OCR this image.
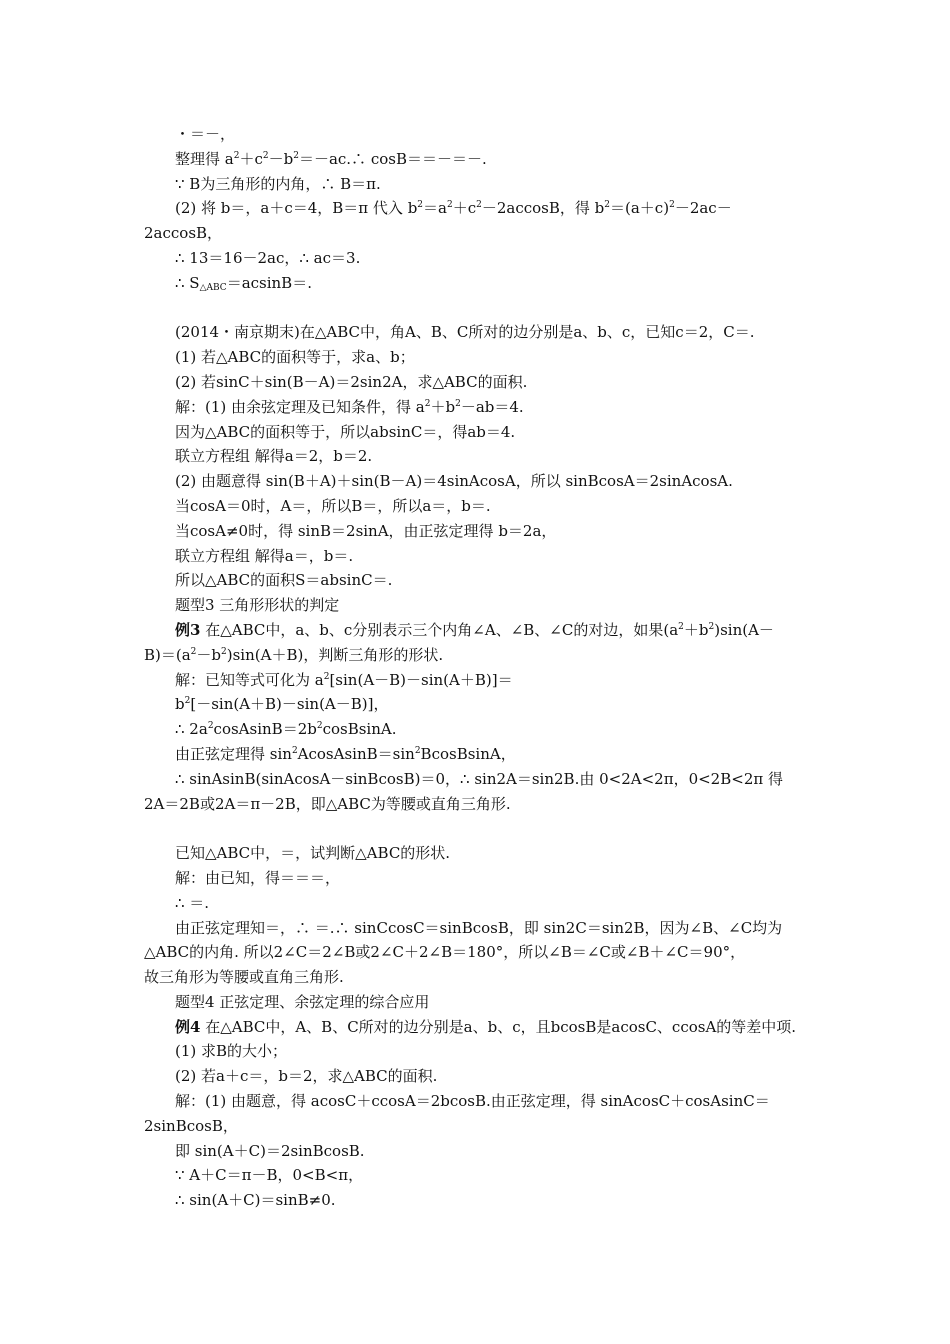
・＝－，
整理得 $a^2+c^2-b^2=-ac.\therefore$ cosB＝＝－＝－.
∵ B为三角形的内角，∴ B＝π.
(2) 将 b＝，a＋c＝4，B＝π 代入 $b^2=a^2+c^2-2accosB$，得 $b^2=(a+c)^2-2ac-$
2accosB，
∴ 13＝16－2ac，∴ ac＝3.
∴ $S_{\triangle ABC}=acsinB=$.
(2014・南京期末)在△ABC中，角A、B、C所对的边分别是a、b、c，已知c＝2，C＝.
(1) 若△ABC的面积等于，求a、b；
(2) 若sinC＋sin(B－A)＝2sin2A，求△ABC的面积.
解：(1) 由余弦定理及已知条件，得 $a^2+b^2-ab=4$.
因为△ABC的面积等于，所以absinC＝，得ab＝4.
联立方程组 解得a＝2，b＝2.
(2) 由题意得 sin(B＋A)＋sin(B－A)＝4sinAcosA，所以 sinBcosA＝2sinAcosA.
当cosA＝0时，A＝，所以B＝，所以a＝，b＝.
当cosA≠0时，得 sinB＝2sinA，由正弦定理得 b＝2a，
联立方程组 解得a＝，b＝.
所以△ABC的面积S＝absinC＝.
题型3 三角形形状的判定
例3 在△ABC中，a、b、c分别表示三个内角∠A、∠B、∠C的对边，如果$(a^2+b^2)\sin(A-$
$B)=(a^2-b^2)\sin(A+B)$，判断三角形的形状.
解：已知等式可化为 $a^2[\sin(A-B)-\sin(A+B)]=$
$b^2[-\sin(A+B)-\sin(A-B)]$，
∴ $2a^2cosAsinB=2b^2cosBsinA$.
由正弦定理得 $\sin^2AcosAsinB=\sin^2BcosBsinA$，
∴ sinAsinB(sinAcosA－sinBcosB)＝0，∴ sin2A＝sin2B.由 0<2A<2π，0<2B<2π 得
2A＝2B或2A＝π－2B，即△ABC为等腰或直角三角形.
已知△ABC中，＝，试判断△ABC的形状.
解：由已知，得＝＝＝，
∴ ＝.
由正弦定理知＝，∴ ＝.∴ sinCcosC＝sinBcosB，即 sin2C＝sin2B，因为∠B、∠C均为
△ABC的内角. 所以2∠C＝2∠B或2∠C＋2∠B＝180°，所以∠B＝∠C或∠B＋∠C＝90°，
故三角形为等腰或直角三角形.
题型4 正弦定理、余弦定理的综合应用
例4 在△ABC中，A、B、C所对的边分别是a、b、c，且bcosB是acosC、ccosA的等差中项.
(1) 求B的大小；
(2) 若a＋c＝，b＝2，求△ABC的面积.
解：(1) 由题意，得 acosC＋ccosA＝2bcosB.由正弦定理，得 sinAcosC＋cosAsinC＝
2sinBcosB，
即 sin(A＋C)＝2sinBcosB.
∵ A＋C＝π－B，0<B<π，
∴ sin(A＋C)＝sinB≠0.
